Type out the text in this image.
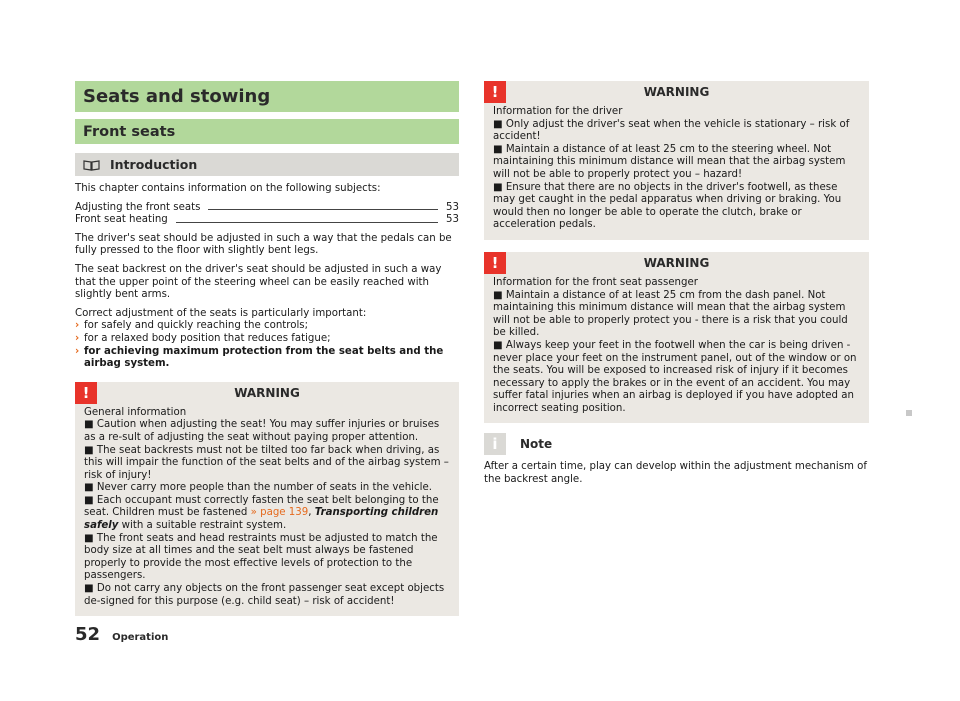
Seats and stowing
Front seats
Introduction

This chapter contains information on the following subjects:

Adjusting the front seats	53
Front seat heating	53

The driver's seat should be adjusted in such a way that the pedals can be fully pressed to the floor with slightly bent legs.

The seat backrest on the driver's seat should be adjusted in such a way that the upper point of the steering wheel can be easily reached with slightly bent arms.

Correct adjustment of the seats is particularly important:

› for safely and quickly reaching the controls;
› for a relaxed body position that reduces fatigue;
› for achieving maximum protection from the seat belts and the airbag system.
!	WARNING
General information
■ Caution when adjusting the seat! You may suffer injuries or bruises as a re-sult of adjusting the seat without paying proper attention.
■ The seat backrests must not be tilted too far back when driving, as this will impair the function of the seat belts and of the airbag system – risk of injury!
■ Never carry more people than the number of seats in the vehicle.
■ Each occupant must correctly fasten the seat belt belonging to the seat. Children must be fastened » page 139, Transporting children safely with a suitable restraint system.
■ The front seats and head restraints must be adjusted to match the body size at all times and the seat belt must always be fastened properly to provide the most effective levels of protection to the passengers.
■ Do not carry any objects on the front passenger seat except objects de-signed for this purpose (e.g. child seat) – risk of accident!
!	WARNING
Information for the driver
■ Only adjust the driver's seat when the vehicle is stationary – risk of accident!
■ Maintain a distance of at least 25 cm to the steering wheel. Not maintaining this minimum distance will mean that the airbag system will not be able to properly protect you – hazard!
■ Ensure that there are no objects in the driver's footwell, as these may get caught in the pedal apparatus when driving or braking. You would then no longer be able to operate the clutch, brake or acceleration pedals.
!	WARNING
Information for the front seat passenger
■ Maintain a distance of at least 25 cm from the dash panel. Not maintaining this minimum distance will mean that the airbag system will not be able to properly protect you - there is a risk that you could be killed.
■ Always keep your feet in the footwell when the car is being driven - never place your feet on the instrument panel, out of the window or on the seats. You will be exposed to increased risk of injury if it becomes necessary to apply the brakes or in the event of an accident. You may suffer fatal injuries when an airbag is deployed if you have adopted an incorrect seating position.
i	Note

After a certain time, play can develop within the adjustment mechanism of the backrest angle.

52 Operation
